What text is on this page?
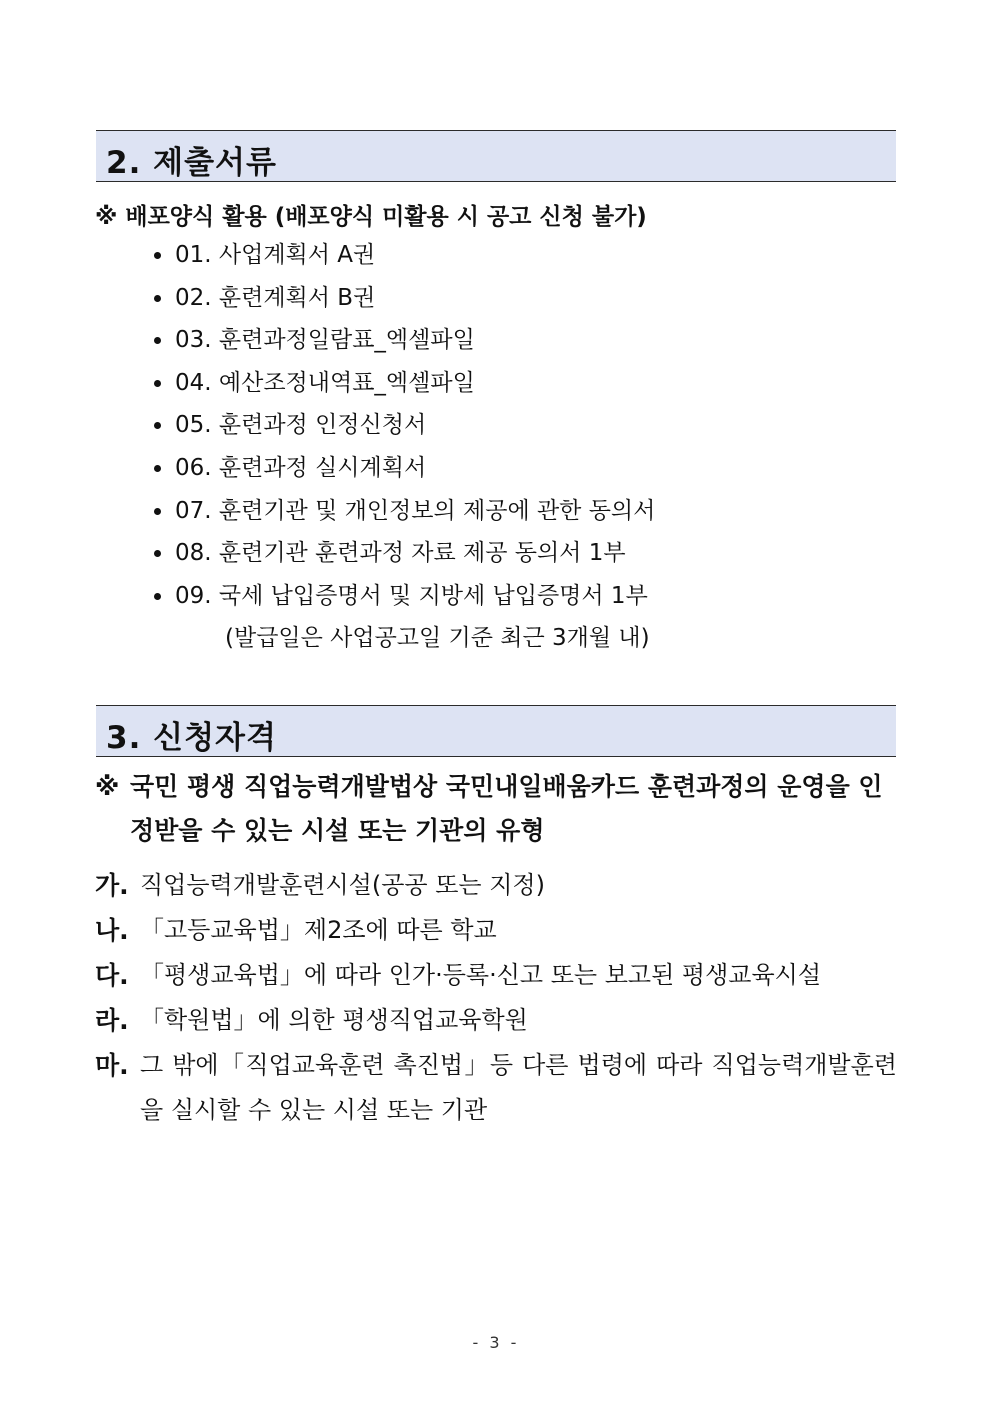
2. 제출서류
※ 배포양식 활용 (배포양식 미활용 시 공고 신청 불가)
01. 사업계획서 A권
02. 훈련계획서 B권
03. 훈련과정일람표_엑셀파일
04. 예산조정내역표_엑셀파일
05. 훈련과정 인정신청서
06. 훈련과정 실시계획서
07. 훈련기관 및 개인정보의 제공에 관한 동의서
08. 훈련기관 훈련과정 자료 제공 동의서 1부
09. 국세 납입증명서 및 지방세 납입증명서 1부
(발급일은 사업공고일 기준 최근 3개월 내)
3. 신청자격
※ 국민 평생 직업능력개발법상 국민내일배움카드 훈련과정의 운영을 인정받을 수 있는 시설 또는 기관의 유형
가. 직업능력개발훈련시설(공공 또는 지정)
나. 「고등교육법」제2조에 따른 학교
다. 「평생교육법」에 따라 인가·등록·신고 또는 보고된 평생교육시설
라. 「학원법」에 의한 평생직업교육학원
마. 그 밖에「직업교육훈련 촉진법」등 다른 법령에 따라 직업능력개발훈련을 실시할 수 있는 시설 또는 기관
- 3 -
